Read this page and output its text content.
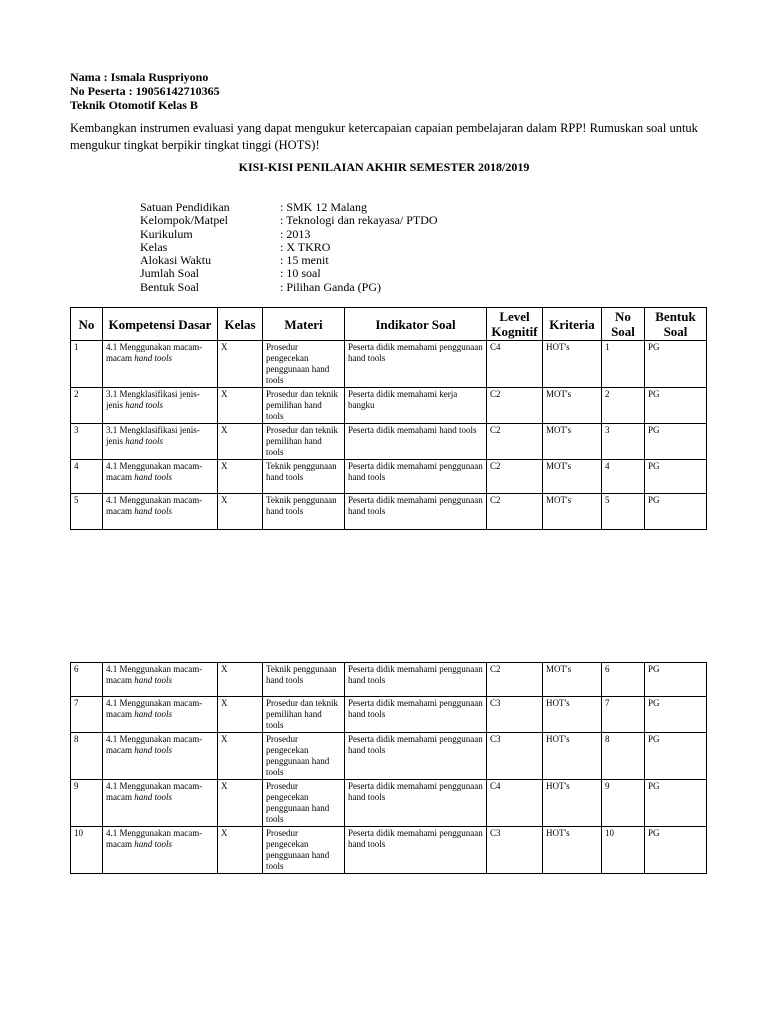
Nama : Ismala Ruspriyono
No Peserta : 19056142710365
Teknik Otomotif Kelas B
Kembangkan instrumen evaluasi yang dapat mengukur ketercapaian capaian pembelajaran dalam RPP! Rumuskan soal untuk mengukur tingkat berpikir tingkat tinggi (HOTS)!
KISI-KISI PENILAIAN AKHIR SEMESTER 2018/2019
Satuan Pendidikan	: SMK 12 Malang
Kelompok/Matpel	: Teknologi dan rekayasa/ PTDO
Kurikulum	: 2013
Kelas	: X TKRO
Alokasi Waktu	: 15 menit
Jumlah Soal	: 10 soal
Bentuk Soal	: Pilihan Ganda (PG)
No	Kompetensi Dasar	Kelas	Materi	Indikator Soal	Level Kognitif	Kriteria	No Soal	Bentuk Soal
1	4.1 Menggunakan macam-macam hand tools	X	Prosedur pengecekan penggunaan hand tools	Peserta didik memahami penggunaan hand tools	C4	HOT's	1	PG
2	3.1 Mengklasifikasi jenis-jenis hand tools	X	Prosedur dan teknik pemilihan hand tools	Peserta didik memahami kerja bangku	C2	MOT's	2	PG
3	3.1 Mengklasifikasi jenis-jenis hand tools	X	Prosedur dan teknik pemilihan hand tools	Peserta didik memahami hand tools	C2	MOT's	3	PG
4	4.1 Menggunakan macam-macam hand tools	X	Teknik penggunaan hand tools	Peserta didik memahami penggunaan hand tools	C2	MOT's	4	PG
5	4.1 Menggunakan macam-macam hand tools	X	Teknik penggunaan hand tools	Peserta didik memahami penggunaan hand tools	C2	MOT's	5	PG
6	4.1 Menggunakan macam-macam hand tools	X	Teknik penggunaan hand tools	Peserta didik memahami penggunaan hand tools	C2	MOT's	6	PG
7	4.1 Menggunakan macam-macam hand tools	X	Prosedur dan teknik pemilihan hand tools	Peserta didik memahami penggunaan hand tools	C3	HOT's	7	PG
8	4.1 Menggunakan macam-macam hand tools	X	Prosedur pengecekan penggunaan hand tools	Peserta didik memahami penggunaan hand tools	C3	HOT's	8	PG
9	4.1 Menggunakan macam-macam hand tools	X	Prosedur pengecekan penggunaan hand tools	Peserta didik memahami penggunaan hand tools	C4	HOT's	9	PG
10	4.1 Menggunakan macam-macam hand tools	X	Prosedur pengecekan penggunaan hand tools	Peserta didik memahami penggunaan hand tools	C3	HOT's	10	PG
